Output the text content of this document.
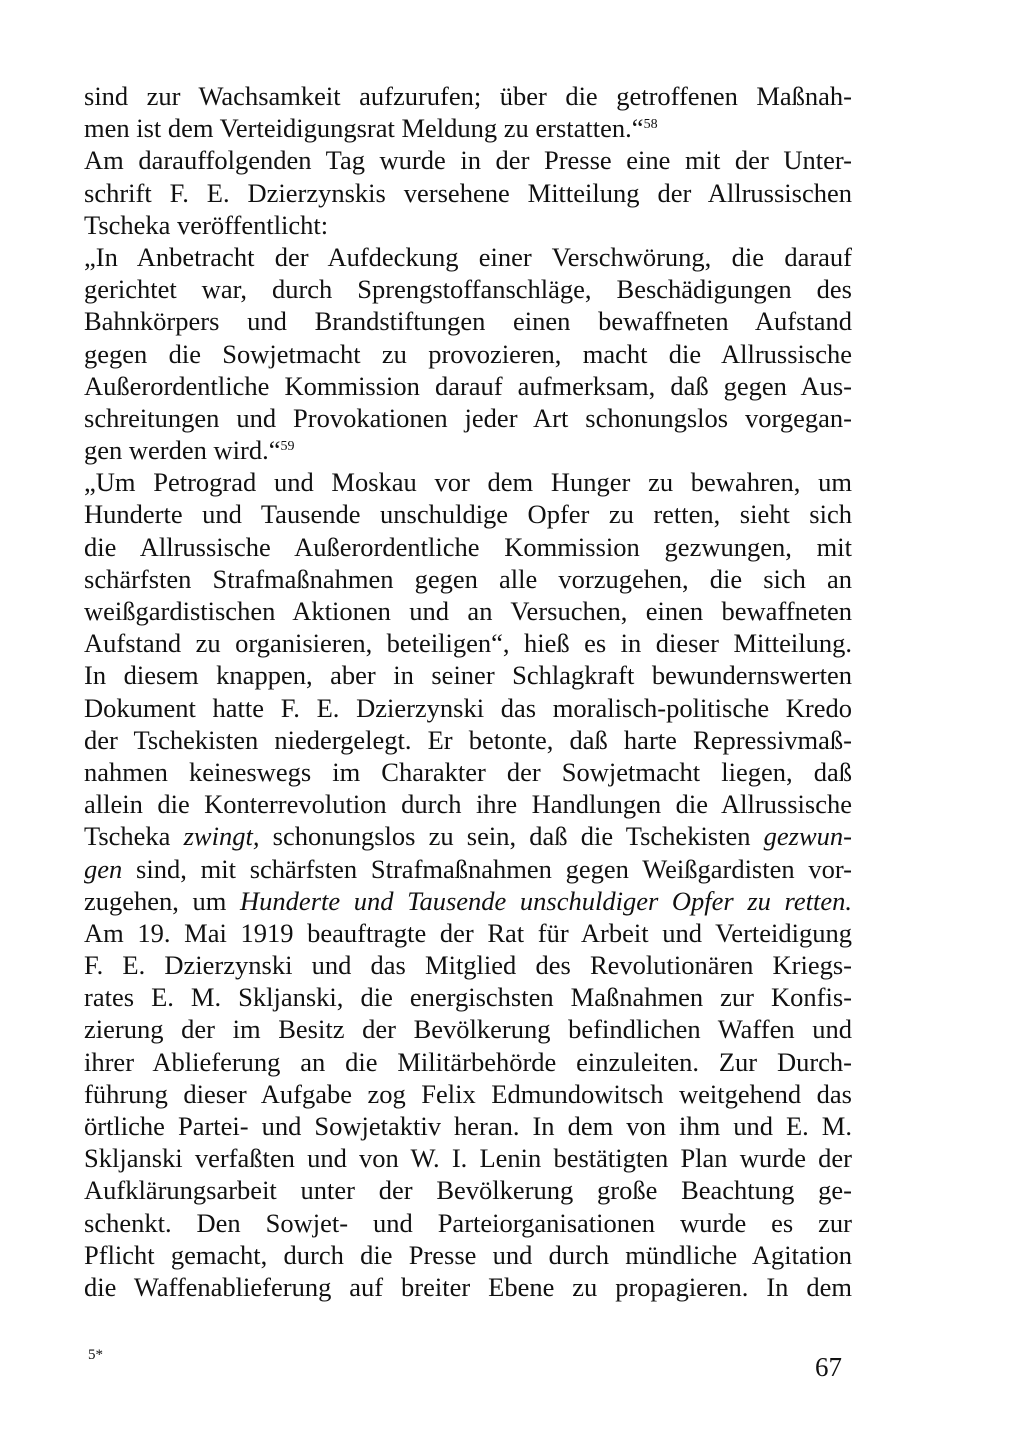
sind zur Wachsamkeit aufzurufen; über die getroffenen Maßnah-
men ist dem Verteidigungsrat Meldung zu erstatten.“$^{58}$
Am darauffolgenden Tag wurde in der Presse eine mit der Unter-
schrift F. E. Dzierzynskis versehene Mitteilung der Allrussischen
Tscheka veröffentlicht:
„In Anbetracht der Aufdeckung einer Verschwörung, die darauf
gerichtet war, durch Sprengstoffanschläge, Beschädigungen des
Bahnkörpers und Brandstiftungen einen bewaffneten Aufstand
gegen die Sowjetmacht zu provozieren, macht die Allrussische
Außerordentliche Kommission darauf aufmerksam, daß gegen Aus-
schreitungen und Provokationen jeder Art schonungslos vorgegan-
gen werden wird.“$^{59}$
„Um Petrograd und Moskau vor dem Hunger zu bewahren, um
Hunderte und Tausende unschuldige Opfer zu retten, sieht sich
die Allrussische Außerordentliche Kommission gezwungen, mit
schärfsten Strafmaßnahmen gegen alle vorzugehen, die sich an
weißgardistischen Aktionen und an Versuchen, einen bewaffneten
Aufstand zu organisieren, beteiligen“, hieß es in dieser Mitteilung.
In diesem knappen, aber in seiner Schlagkraft bewundernswerten
Dokument hatte F. E. Dzierzynski das moralisch-politische Kredo
der Tschekisten niedergelegt. Er betonte, daß harte Repressivmaß-
nahmen keineswegs im Charakter der Sowjetmacht liegen, daß
allein die Konterrevolution durch ihre Handlungen die Allrussische
Tscheka zwingt, schonungslos zu sein, daß die Tschekisten gezwun-
gen sind, mit schärfsten Strafmaßnahmen gegen Weißgardisten vor-
zugehen, um Hunderte und Tausende unschuldiger Opfer zu retten.
Am 19. Mai 1919 beauftragte der Rat für Arbeit und Verteidigung
F. E. Dzierzynski und das Mitglied des Revolutionären Kriegs-
rates E. M. Skljanski, die energischsten Maßnahmen zur Konfis-
zierung der im Besitz der Bevölkerung befindlichen Waffen und
ihrer Ablieferung an die Militärbehörde einzuleiten. Zur Durch-
führung dieser Aufgabe zog Felix Edmundowitsch weitgehend das
örtliche Partei- und Sowjetaktiv heran. In dem von ihm und E. M.
Skljanski verfaßten und von W. I. Lenin bestätigten Plan wurde der
Aufklärungsarbeit unter der Bevölkerung große Beachtung ge-
schenkt. Den Sowjet- und Parteiorganisationen wurde es zur
Pflicht gemacht, durch die Presse und durch mündliche Agitation
die Waffenablieferung auf breiter Ebene zu propagieren. In dem
5*	67
